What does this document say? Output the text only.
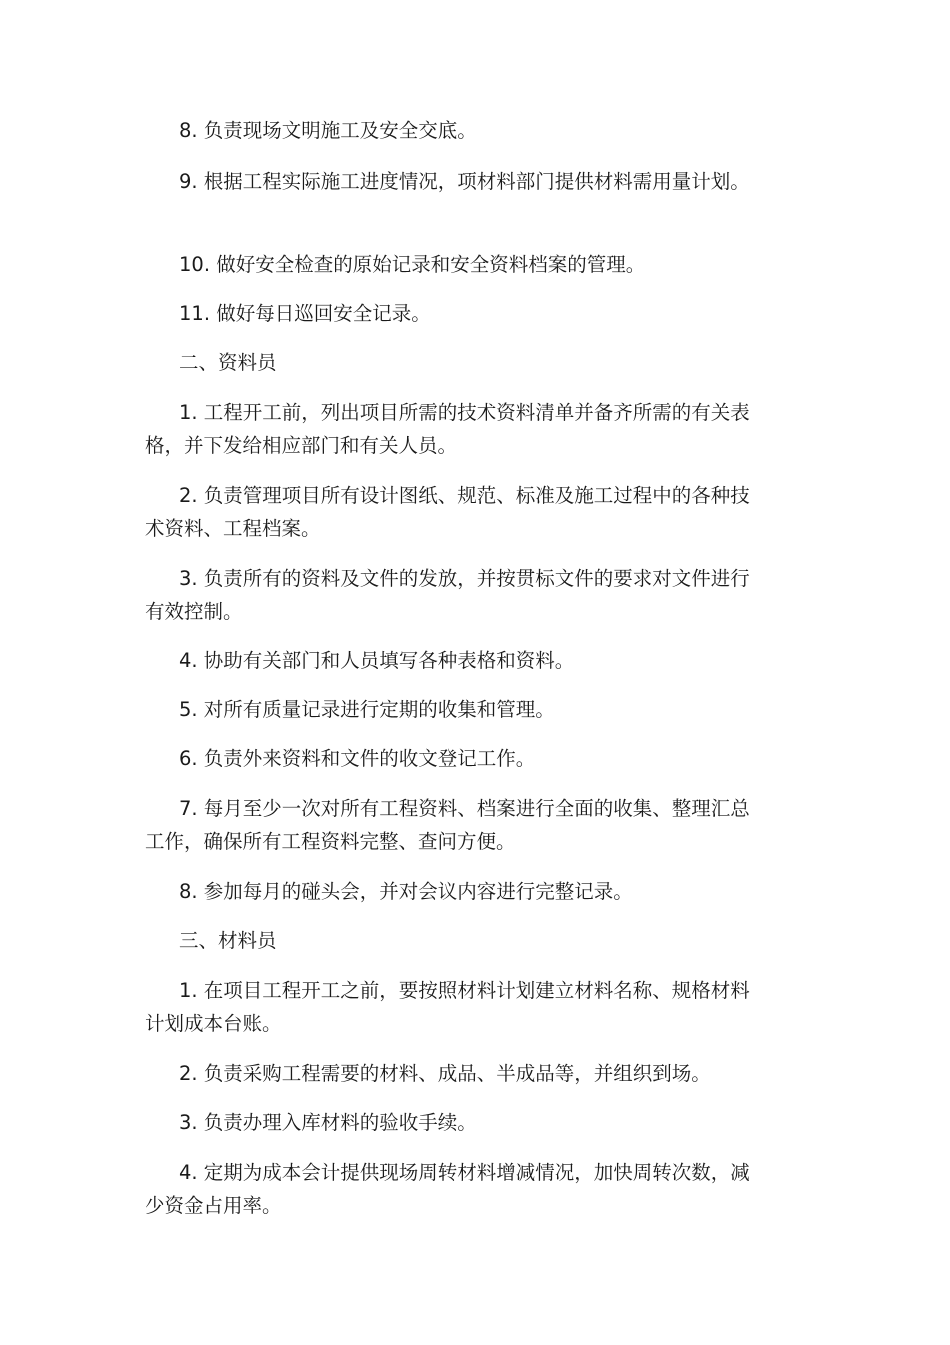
8. 负责现场文明施工及安全交底。

9. 根据工程实际施工进度情况，项材料部门提供材料需用量计划。

10. 做好安全检查的原始记录和安全资料档案的管理。

11. 做好每日巡回安全记录。

二、资料员

1. 工程开工前，列出项目所需的技术资料清单并备齐所需的有关表格，并下发给相应部门和有关人员。

2. 负责管理项目所有设计图纸、规范、标准及施工过程中的各种技术资料、工程档案。

3. 负责所有的资料及文件的发放，并按贯标文件的要求对文件进行有效控制。

4. 协助有关部门和人员填写各种表格和资料。

5. 对所有质量记录进行定期的收集和管理。

6. 负责外来资料和文件的收文登记工作。

7. 每月至少一次对所有工程资料、档案进行全面的收集、整理汇总工作，确保所有工程资料完整、查问方便。

8. 参加每月的碰头会，并对会议内容进行完整记录。

三、材料员

1. 在项目工程开工之前，要按照材料计划建立材料名称、规格材料计划成本台账。

2. 负责采购工程需要的材料、成品、半成品等，并组织到场。

3. 负责办理入库材料的验收手续。

4. 定期为成本会计提供现场周转材料增减情况，加快周转次数，减少资金占用率。
